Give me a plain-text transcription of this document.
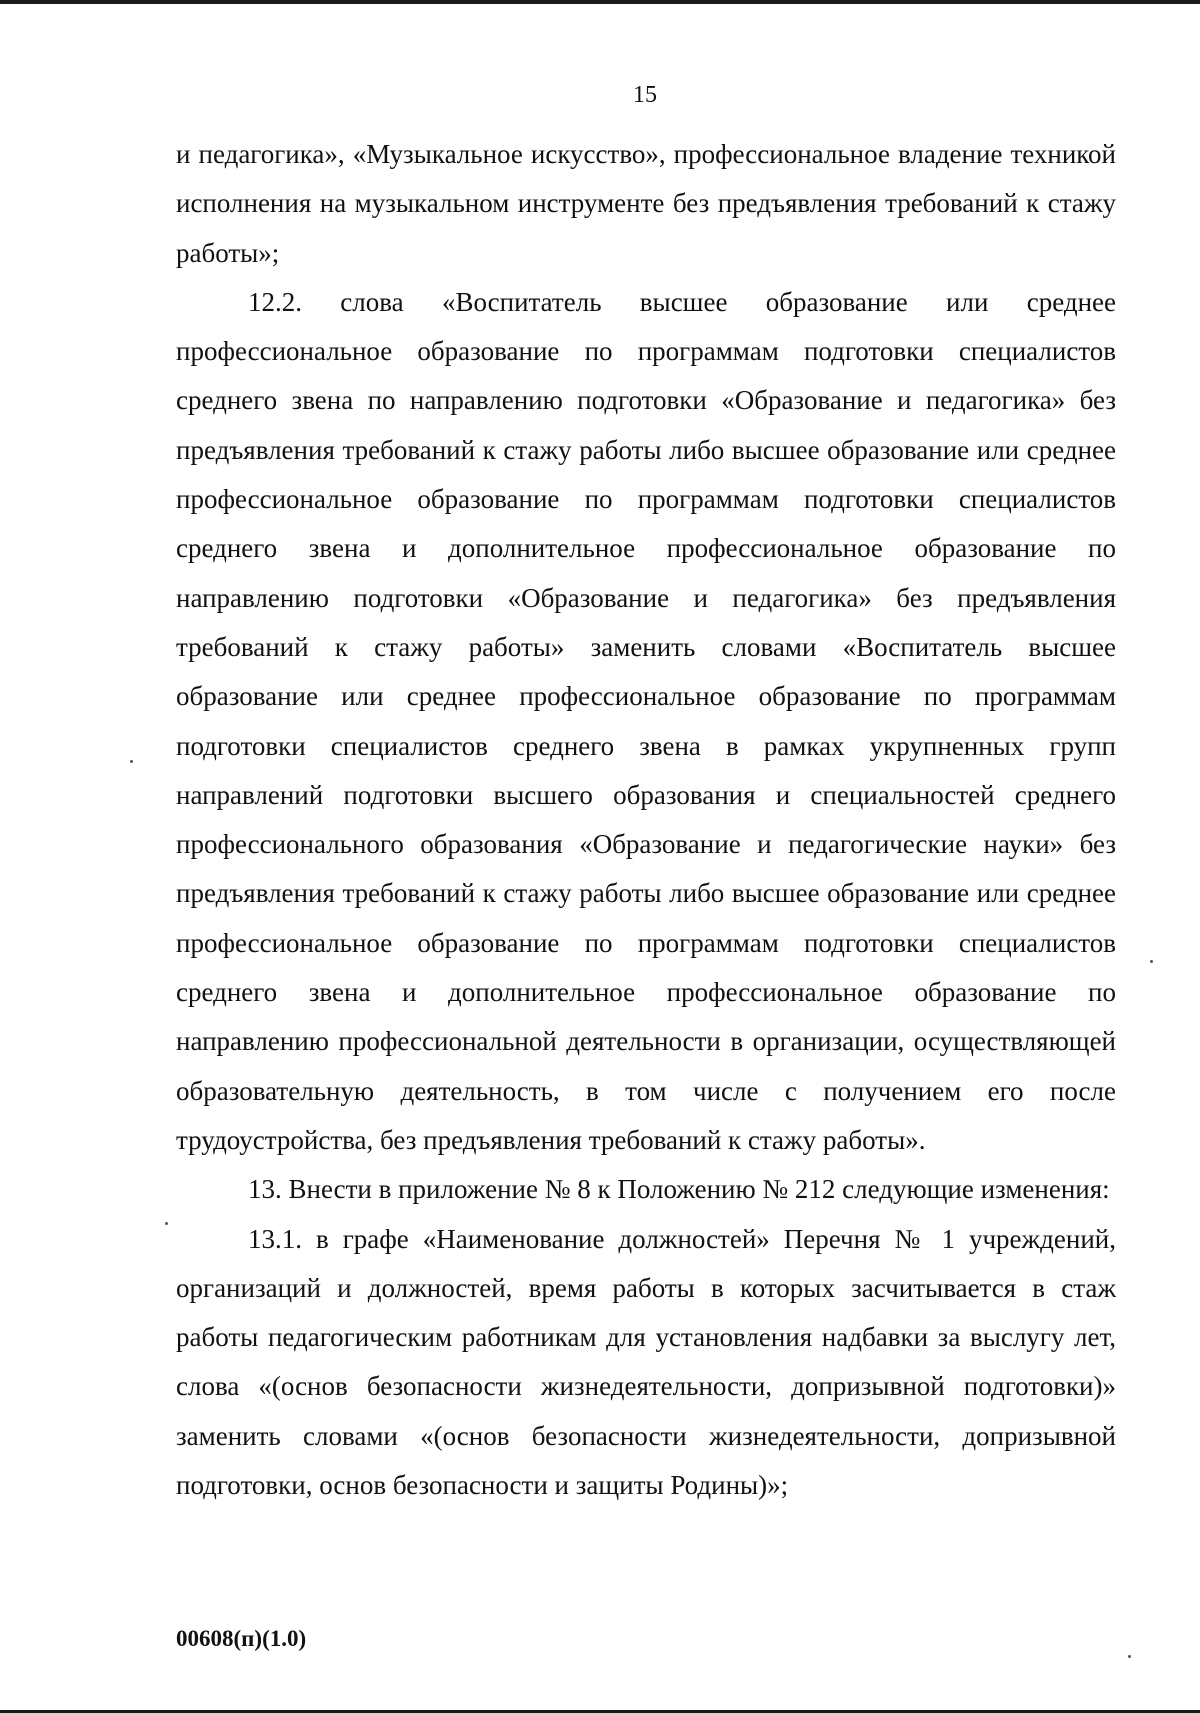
15

и педагогика», «Музыкальное искусство», профессиональное владение техникой исполнения на музыкальном инструменте без предъявления требований к стажу работы»;

12.2. слова «Воспитатель высшее образование или среднее профессиональное образование по программам подготовки специалистов среднего звена по направлению подготовки «Образование и педагогика» без предъявления требований к стажу работы либо высшее образование или среднее профессиональное образование по программам подготовки специалистов среднего звена и дополнительное профессиональное образование по направлению подготовки «Образование и педагогика» без предъявления требований к стажу работы» заменить словами «Воспитатель высшее образование или среднее профессиональное образование по программам подготовки специалистов среднего звена в рамках укрупненных групп направлений подготовки высшего образования и специальностей среднего профессионального образования «Образование и педагогические науки» без предъявления требований к стажу работы либо высшее образование или среднее профессиональное образование по программам подготовки специалистов среднего звена и дополнительное профессиональное образование по направлению профессиональной деятельности в организации, осуществляющей образовательную деятельность, в том числе с получением его после трудоустройства, без предъявления требований к стажу работы».

13. Внести в приложение № 8 к Положению № 212 следующие изменения:

13.1. в графе «Наименование должностей» Перечня № 1 учреждений, организаций и должностей, время работы в которых засчитывается в стаж работы педагогическим работникам для установления надбавки за выслугу лет, слова «(основ безопасности жизнедеятельности, допризывной подготовки)» заменить словами «(основ безопасности жизнедеятельности, допризывной подготовки, основ безопасности и защиты Родины)»;

00608(п)(1.0)
